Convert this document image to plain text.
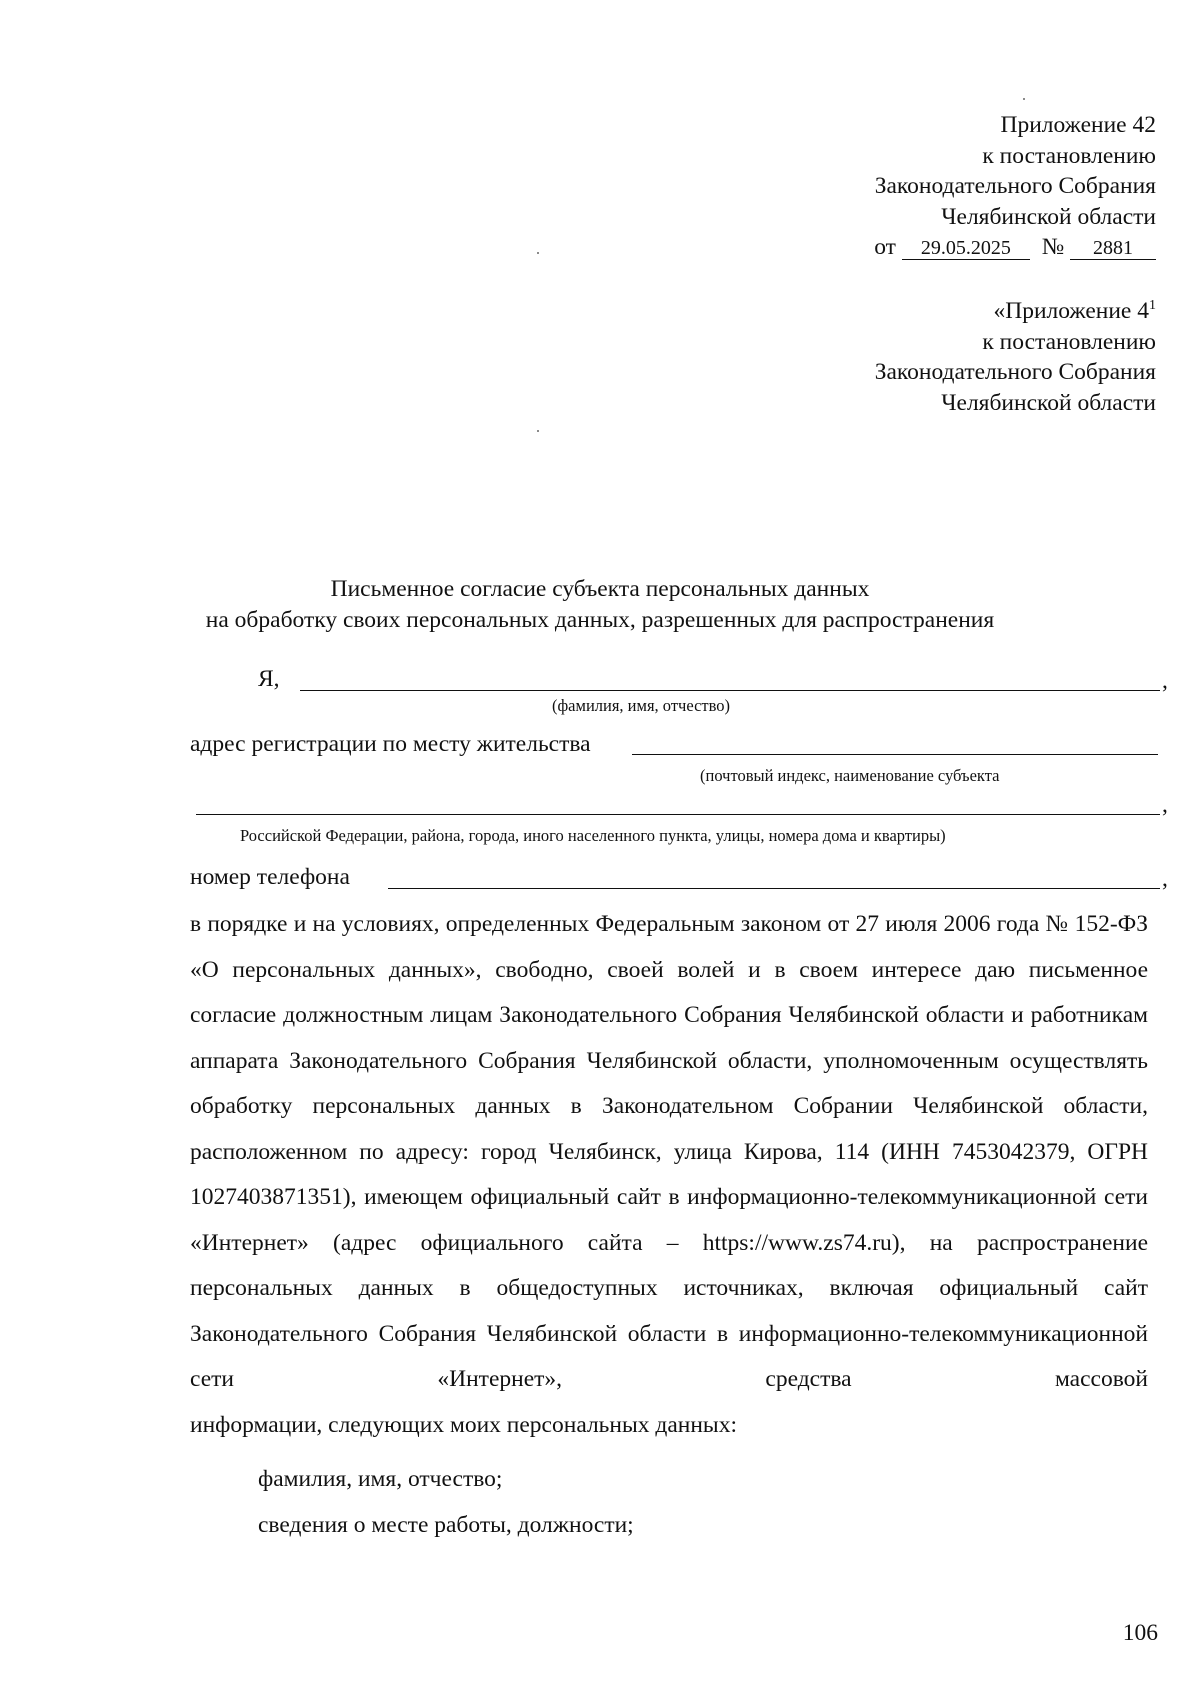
Приложение 42
к постановлению
Законодательного Собрания
Челябинской области
от 29.05.2025 № 2881
«Приложение $4^1$
к постановлению
Законодательного Собрания
Челябинской области
Письменное согласие субъекта персональных данных
на обработку своих персональных данных, разрешенных для распространения
Я,	,
(фамилия, имя, отчество)
адрес регистрации по месту жительства
(почтовый индекс, наименование субъекта
,
Российской Федерации, района, города, иного населенного пункта, улицы, номера дома и квартиры)
номер телефона	,
в порядке и на условиях, определенных Федеральным законом от 27 июля 2006 года № 152-ФЗ «О персональных данных», свободно, своей волей и в своем интересе даю письменное согласие должностным лицам Законодательного Собрания Челябинской области и работникам аппарата Законодательного Собрания Челябинской области, уполномоченным осуществлять обработку персональных данных в Законодательном Собрании Челябинской области, расположенном по адресу: город Челябинск, улица Кирова, 114 (ИНН 7453042379, ОГРН 1027403871351), имеющем официальный сайт в информационно-телекоммуникационной сети «Интернет» (адрес официального сайта – https://www.zs74.ru), на распространение персональных данных в общедоступных источниках, включая официальный сайт Законодательного Собрания Челябинской области в информационно-телекоммуникационной сети «Интернет», средства массовой
информации, следующих моих персональных данных:
фамилия, имя, отчество;
сведения о месте работы, должности;
106
